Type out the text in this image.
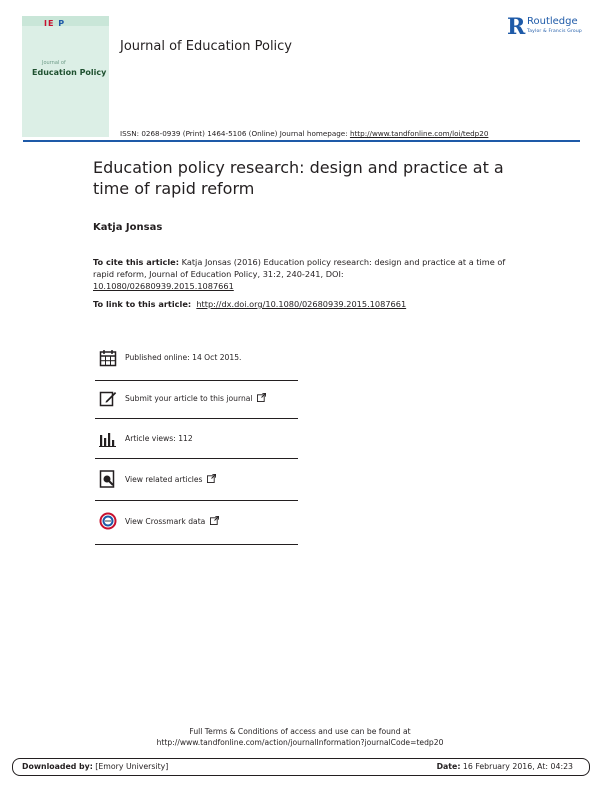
IE P
Journal of
Education Policy
Journal of Education Policy
R Routledge
Taylor & Francis Group
ISSN: 0268-0939 (Print) 1464-5106 (Online) Journal homepage: http://www.tandfonline.com/loi/tedp20
Education policy research: design and practice at a time of rapid reform
Katja Jonsas
To cite this article: Katja Jonsas (2016) Education policy research: design and practice at a time of rapid reform, Journal of Education Policy, 31:2, 240-241, DOI:
10.1080/02680939.2015.1087661
To link to this article: http://dx.doi.org/10.1080/02680939.2015.1087661
Published online: 14 Oct 2015.
Submit your article to this journal
Article views: 112
View related articles
View Crossmark data
Full Terms & Conditions of access and use can be found at
http://www.tandfonline.com/action/journalInformation?journalCode=tedp20
Downloaded by: [Emory University]	Date: 16 February 2016, At: 04:23
